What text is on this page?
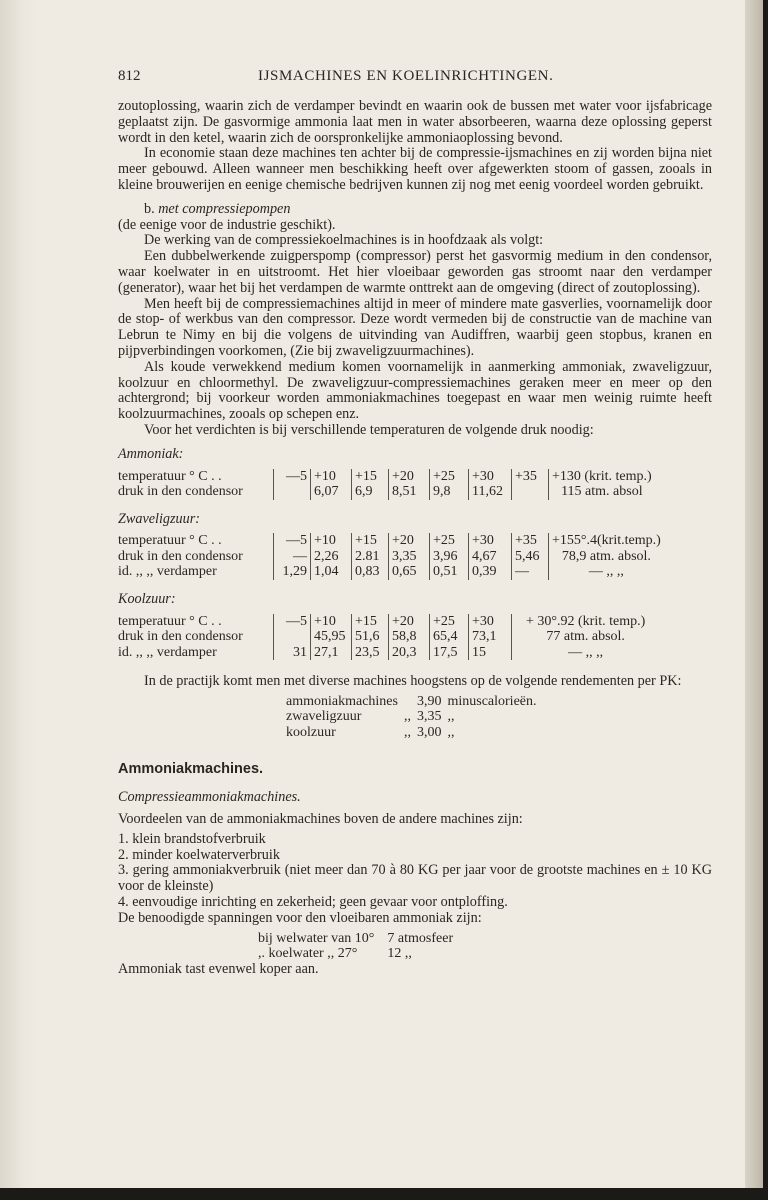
812	IJSMACHINES EN KOELINRICHTINGEN.

zoutoplossing, waarin zich de verdamper bevindt en waarin ook de bussen met water voor ijsfabricage geplaatst zijn. De gasvormige ammonia laat men in water absorbeeren, waarna deze oplossing geperst wordt in den ketel, waarin zich de oorspronkelijke ammoniaoplossing bevond.

In economie staan deze machines ten achter bij de compressie-ijsmachines en zij worden bijna niet meer gebouwd. Alleen wanneer men beschikking heeft over afgewerkten stoom of gassen, zooals in kleine brouwerijen en eenige chemische bedrijven kunnen zij nog met eenig voordeel worden gebruikt.

b. met compressiepompen

(de eenige voor de industrie geschikt).

De werking van de compressiekoelmachines is in hoofdzaak als volgt:

Een dubbelwerkende zuigperspomp (compressor) perst het gasvormig medium in den condensor, waar koelwater in en uitstroomt. Het hier vloeibaar geworden gas stroomt naar den verdamper (generator), waar het bij het verdampen de warmte onttrekt aan de omgeving (direct of zoutoplossing).

Men heeft bij de compressiemachines altijd in meer of mindere mate gasverlies, voornamelijk door de stop- of werkbus van den compressor. Deze wordt vermeden bij de constructie van de machine van Lebrun te Nimy en bij die volgens de uitvinding van Audiffren, waarbij geen stopbus, kranen en pijpverbindingen voorkomen, (Zie bij zwaveligzuurmachines).

Als koude verwekkend medium komen voornamelijk in aanmerking ammoniak, zwaveligzuur, koolzuur en chloormethyl. De zwaveligzuur-compressiemachines geraken meer en meer op den achtergrond; bij voorkeur worden ammoniakmachines toegepast en waar men weinig ruimte heeft koolzuurmachines, zooals op schepen enz.

Voor het verdichten is bij verschillende temperaturen de volgende druk noodig:

Ammoniak:

temperatuur ° C . .	—5	+10	+15	+20	+25	+30	+35	+130 (krit. temp.)
druk in den condensor		6,07	6,9	8,51	9,8	11,62		115 atm. absol

Zwaveligzuur:

temperatuur ° C . .	—5	+10	+15	+20	+25	+30	+35	+155°.4(krit.temp.)
druk in den condensor	—	2,26	2.81	3,35	3,96	4,67	5,46	78,9 atm. absol.
id. ,, ,, verdamper	1,29	1,04	0,83	0,65	0,51	0,39	—	— ,, ,,

Koolzuur:

temperatuur ° C . .	—5	+10	+15	+20	+25	+30	+ 30°.92 (krit. temp.)
druk in den condensor		45,95	51,6	58,8	65,4	73,1	77 atm. absol.
id. ,, ,, verdamper	31	27,1	23,5	20,3	17,5	15	— ,, ,,

In de practijk komt men met diverse machines hoogstens op de volgende rendementen per PK:

ammoniakmachines		3,90	minuscalorieën.
zwaveligzuur	,,	3,35	,,
koolzuur	,,	3,00	,,

Ammoniakmachines.

Compressieammoniakmachines.

Voordeelen van de ammoniakmachines boven de andere machines zijn:

1. klein brandstofverbruik

2. minder koelwaterverbruik

3. gering ammoniakverbruik (niet meer dan 70 à 80 KG per jaar voor de grootste machines en ± 10 KG voor de kleinste)

4. eenvoudige inrichting en zekerheid; geen gevaar voor ontploffing.

De benoodigde spanningen voor den vloeibaren ammoniak zijn:

bij welwater van 10°	7 atmosfeer
,. koelwater ,, 27°	12 ,,

Ammoniak tast evenwel koper aan.
